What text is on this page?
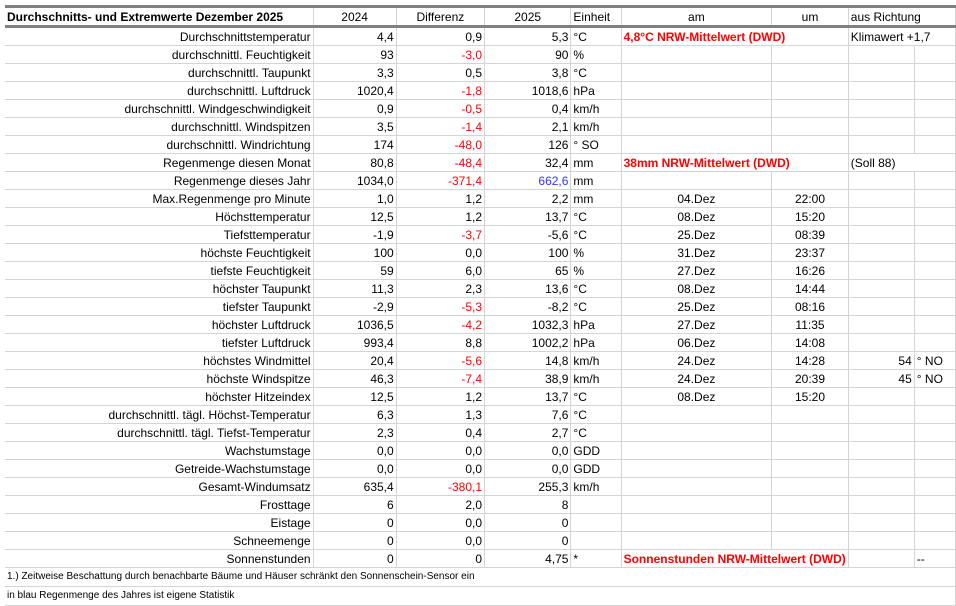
Durchschnitts- und Extremwerte Dezember 2025	2024	Differenz	2025	Einheit	am	um	aus Richtung	
Durchschnittstemperatur	4,4	0,9	5,3	°C	4,8°C NRW-Mittelwert (DWD)		Klimawert +1,7	
durchschnittl. Feuchtigkeit	93	-3,0	90	%				
durchschnittl. Taupunkt	3,3	0,5	3,8	°C				
durchschnittl. Luftdruck	1020,4	-1,8	1018,6	hPa				
durchschnittl. Windgeschwindigkeit	0,9	-0,5	0,4	km/h				
durchschnittl. Windspitzen	3,5	-1,4	2,1	km/h				
durchschnittl. Windrichtung	174	-48,0	126	° SO				
Regenmenge diesen Monat	80,8	-48,4	32,4	mm	38mm NRW-Mittelwert (DWD)		(Soll 88)	
Regenmenge dieses Jahr	1034,0	-371,4	662,6	mm				
Max.Regenmenge pro Minute	1,0	1,2	2,2	mm	04.Dez	22:00		
Höchsttemperatur	12,5	1,2	13,7	°C	08.Dez	15:20		
Tiefsttemperatur	-1,9	-3,7	-5,6	°C	25.Dez	08:39		
höchste Feuchtigkeit	100	0,0	100	%	31.Dez	23:37		
tiefste Feuchtigkeit	59	6,0	65	%	27.Dez	16:26		
höchster Taupunkt	11,3	2,3	13,6	°C	08.Dez	14:44		
tiefster Taupunkt	-2,9	-5,3	-8,2	°C	25.Dez	08:16		
höchster Luftdruck	1036,5	-4,2	1032,3	hPa	27.Dez	11:35		
tiefster Luftdruck	993,4	8,8	1002,2	hPa	06.Dez	14:08		
höchstes Windmittel	20,4	-5,6	14,8	km/h	24.Dez	14:28	54	° NO
höchste Windspitze	46,3	-7,4	38,9	km/h	24.Dez	20:39	45	° NO
höchster Hitzeindex	12,5	1,2	13,7	°C	08.Dez	15:20		
durchschnittl. tägl. Höchst-Temperatur	6,3	1,3	7,6	°C				
durchschnittl. tägl. Tiefst-Temperatur	2,3	0,4	2,7	°C				
Wachstumstage	0,0	0,0	0,0	GDD				
Getreide-Wachstumstage	0,0	0,0	0,0	GDD				
Gesamt-Windumsatz	635,4	-380,1	255,3	km/h				
Frosttage	6	2,0	8					
Eistage	0	0,0	0					
Schneemenge	0	0,0	0					
Sonnenstunden	0	0	4,75	*	Sonnenstunden NRW-Mittelwert (DWD)			--
1.) Zeitweise Beschattung durch benachbarte Bäume und Häuser schränkt den Sonnenschein-Sensor ein								
in blau Regenmenge des Jahres ist eigene Statistik								
